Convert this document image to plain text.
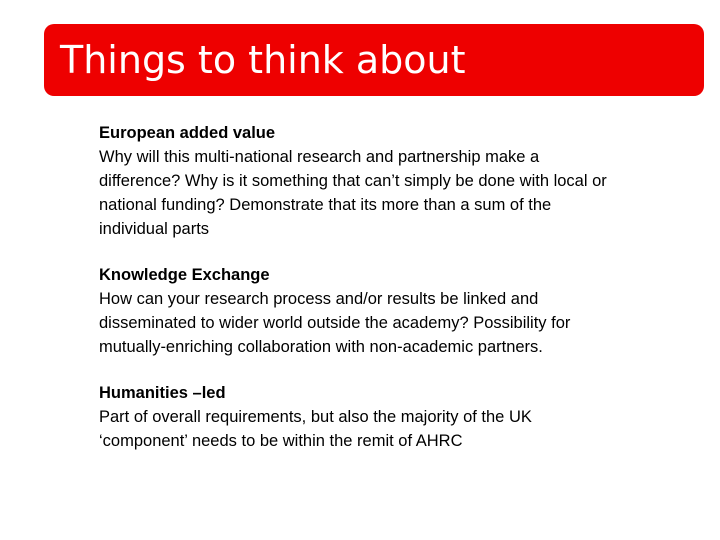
Things to think about
European added value
Why will this multi-national research and partnership make a difference? Why is it something that can’t simply be done with local or national funding? Demonstrate that its more than a sum of the individual parts
Knowledge Exchange
How can your research process and/or results be linked and disseminated to wider world outside the academy? Possibility for mutually-enriching collaboration with non-academic partners.
Humanities –led
Part of overall requirements, but also the majority of the UK ‘component’ needs to be within the remit of AHRC
